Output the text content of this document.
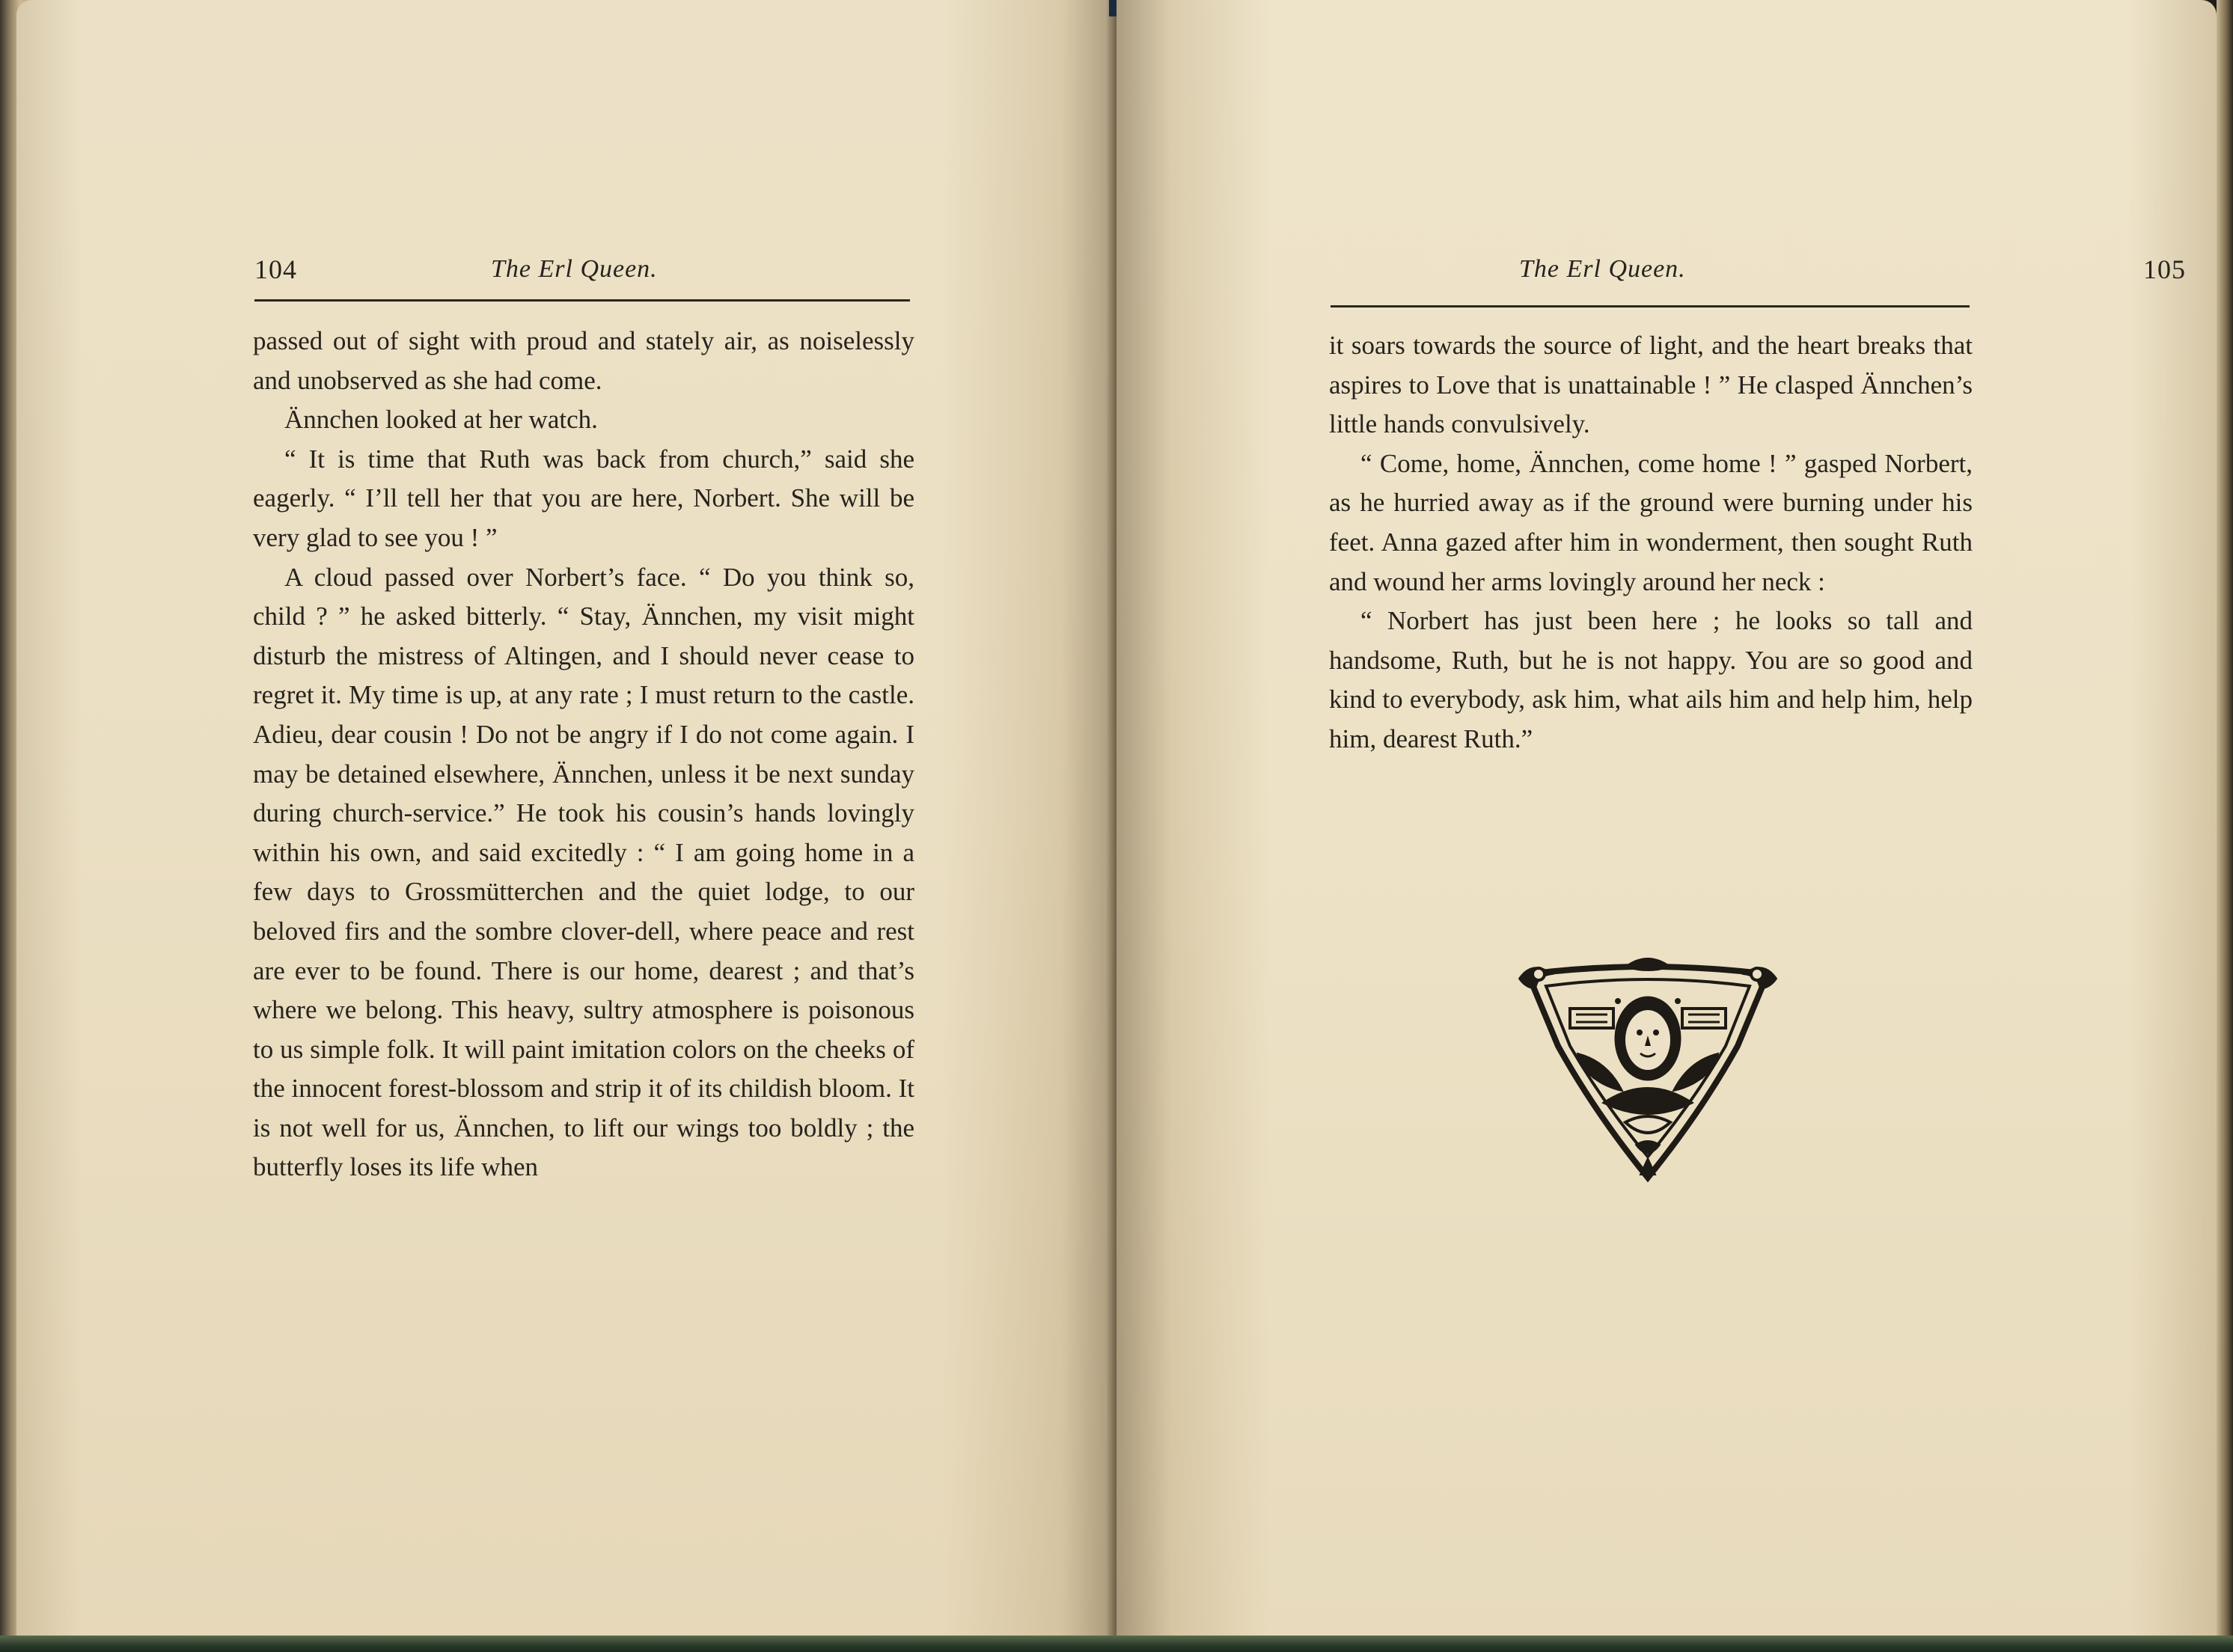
104	The Erl Queen.

passed out of sight with proud and stately air, as noiselessly and unobserved as she had come.

Ännchen looked at her watch.

“ It is time that Ruth was back from church,” said she eagerly. “ I’ll tell her that you are here, Norbert. She will be very glad to see you ! ”

A cloud passed over Norbert’s face. “ Do you think so, child ? ” he asked bitterly. “ Stay, Ännchen, my visit might disturb the mistress of Altingen, and I should never cease to regret it. My time is up, at any rate ; I must return to the castle. Adieu, dear cousin ! Do not be angry if I do not come again. I may be detained elsewhere, Ännchen, unless it be next sunday during church-service.” He took his cousin’s hands lovingly within his own, and said excitedly : “ I am going home in a few days to Grossmütterchen and the quiet lodge, to our beloved firs and the sombre clover-dell, where peace and rest are ever to be found. There is our home, dearest ; and that’s where we belong. This heavy, sultry atmosphere is poisonous to us simple folk. It will paint imitation colors on the cheeks of the innocent forest-blossom and strip it of its childish bloom. It is not well for us, Ännchen, to lift our wings too boldly ; the butterfly loses its life when

The Erl Queen.	105

it soars towards the source of light, and the heart breaks that aspires to Love that is unattainable ! ” He clasped Ännchen’s little hands convulsively.

“ Come, home, Ännchen, come home ! ” gasped Norbert, as he hurried away as if the ground were burning under his feet. Anna gazed after him in wonderment, then sought Ruth and wound her arms lovingly around her neck :

“ Norbert has just been here ; he looks so tall and handsome, Ruth, but he is not happy. You are so good and kind to everybody, ask him, what ails him and help him, help him, dearest Ruth.”
